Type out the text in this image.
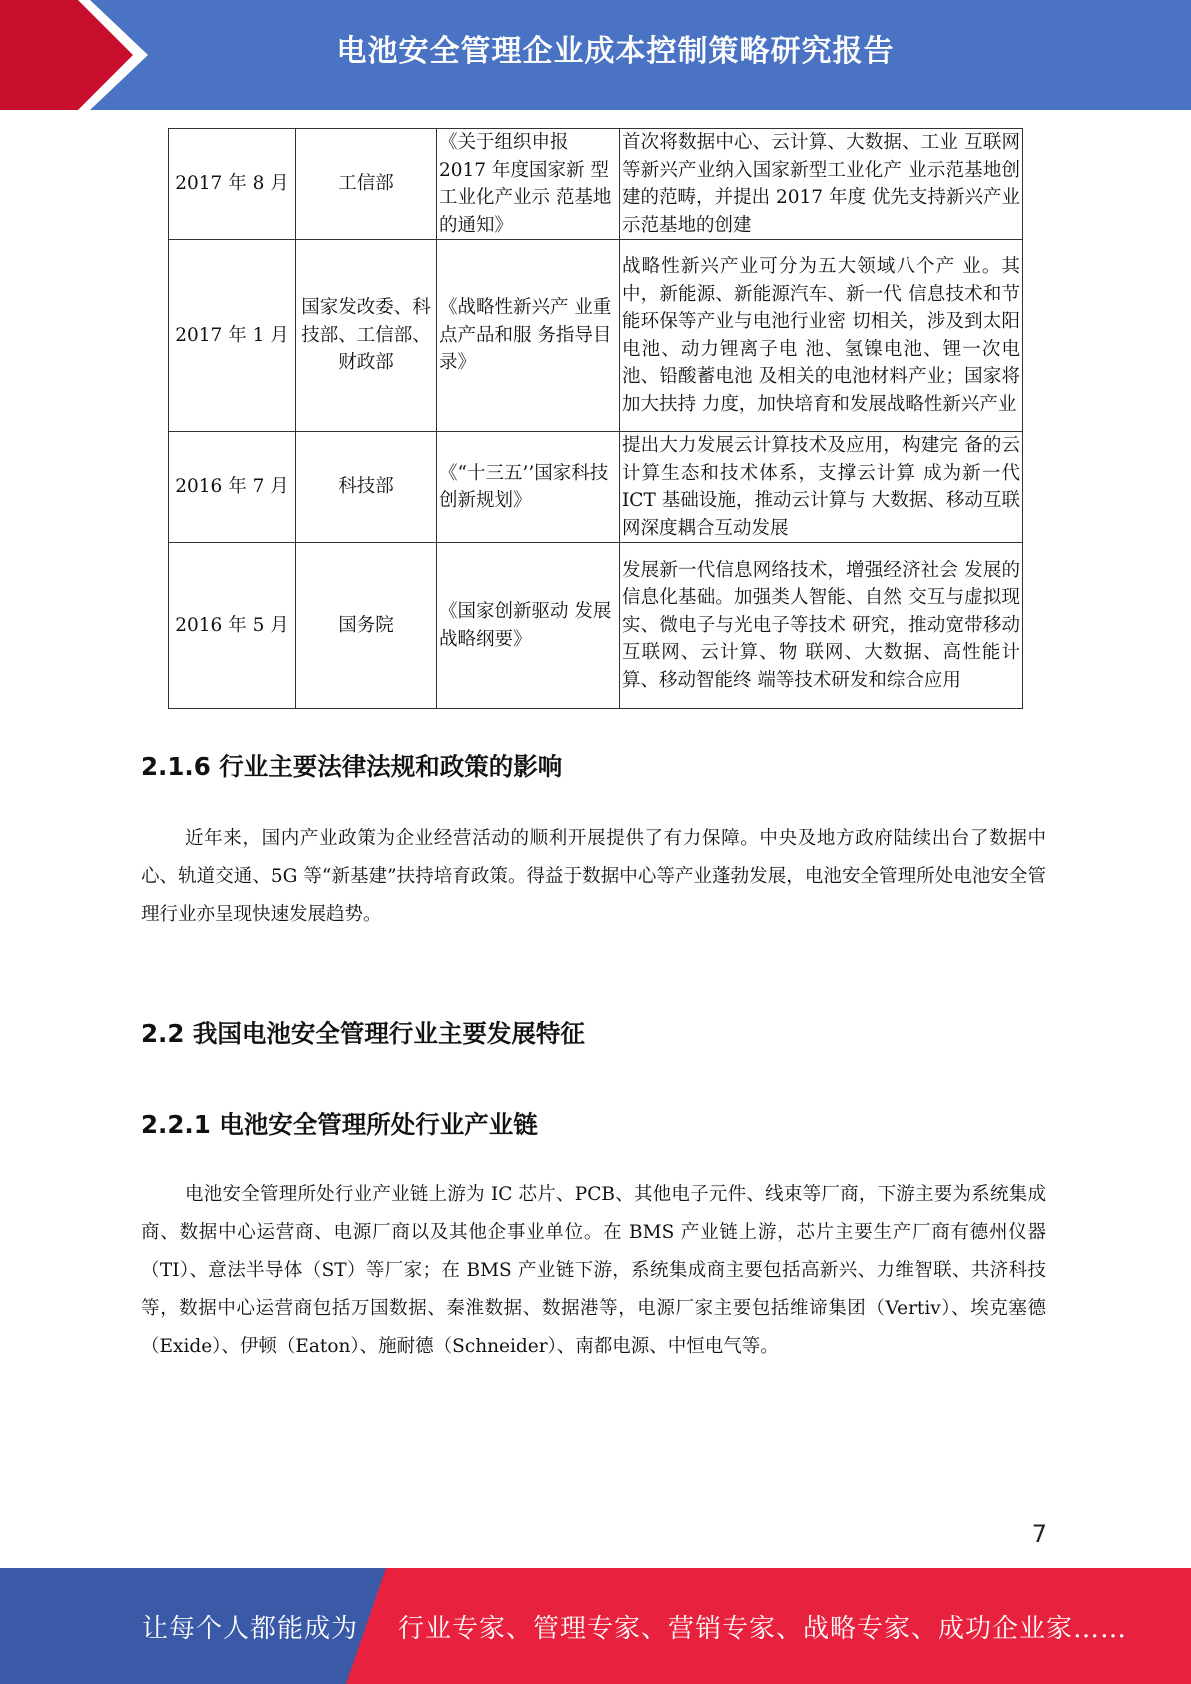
电池安全管理企业成本控制策略研究报告
2017 年 8 月	工信部	《关于组织申报 2017 年度国家新 型工业化产业示 范基地的通知》	首次将数据中心、云计算、大数据、工业 互联网等新兴产业纳入国家新型工业化产 业示范基地创建的范畴，并提出 2017 年度 优先支持新兴产业示范基地的创建
2017 年 1 月	国家发改委、科技部、工信部、财政部	《战略性新兴产 业重点产品和服 务指导目录》	战略性新兴产业可分为五大领域八个产 业。其中，新能源、新能源汽车、新一代 信息技术和节能环保等产业与电池行业密 切相关，涉及到太阳电池、动力锂离子电 池、氢镍电池、锂一次电池、铅酸蓄电池 及相关的电池材料产业；国家将加大扶持 力度，加快培育和发展战略性新兴产业
2016 年 7 月	科技部	《“十三五’’国家科技创新规划》	提出大力发展云计算技术及应用，构建完 备的云计算生态和技术体系，支撑云计算 成为新一代 ICT 基础设施，推动云计算与 大数据、移动互联网深度耦合互动发展
2016 年 5 月	国务院	《国家创新驱动 发展战略纲要》	发展新一代信息网络技术，增强经济社会 发展的信息化基础。加强类人智能、自然 交互与虚拟现实、微电子与光电子等技术 研究，推动宽带移动互联网、云计算、物 联网、大数据、高性能计算、移动智能终 端等技术研发和综合应用
2.1.6 行业主要法律法规和政策的影响
近年来，国内产业政策为企业经营活动的顺利开展提供了有力保障。中央及地方政府陆续出台了数据中心、轨道交通、5G 等“新基建”扶持培育政策。得益于数据中心等产业蓬勃发展，电池安全管理所处电池安全管理行业亦呈现快速发展趋势。
2.2 我国电池安全管理行业主要发展特征
2.2.1 电池安全管理所处行业产业链
电池安全管理所处行业产业链上游为 IC 芯片、PCB、其他电子元件、线束等厂商，下游主要为系统集成商、数据中心运营商、电源厂商以及其他企事业单位。在 BMS 产业链上游，芯片主要生产厂商有德州仪器（TI）、意法半导体（ST）等厂家；在 BMS 产业链下游，系统集成商主要包括高新兴、力维智联、共济科技等，数据中心运营商包括万国数据、秦淮数据、数据港等，电源厂家主要包括维谛集团（Vertiv）、埃克塞德（Exide）、伊顿（Eaton）、施耐德（Schneider）、南都电源、中恒电气等。
7
让每个人都能成为 行业专家、管理专家、营销专家、战略专家、成功企业家……
